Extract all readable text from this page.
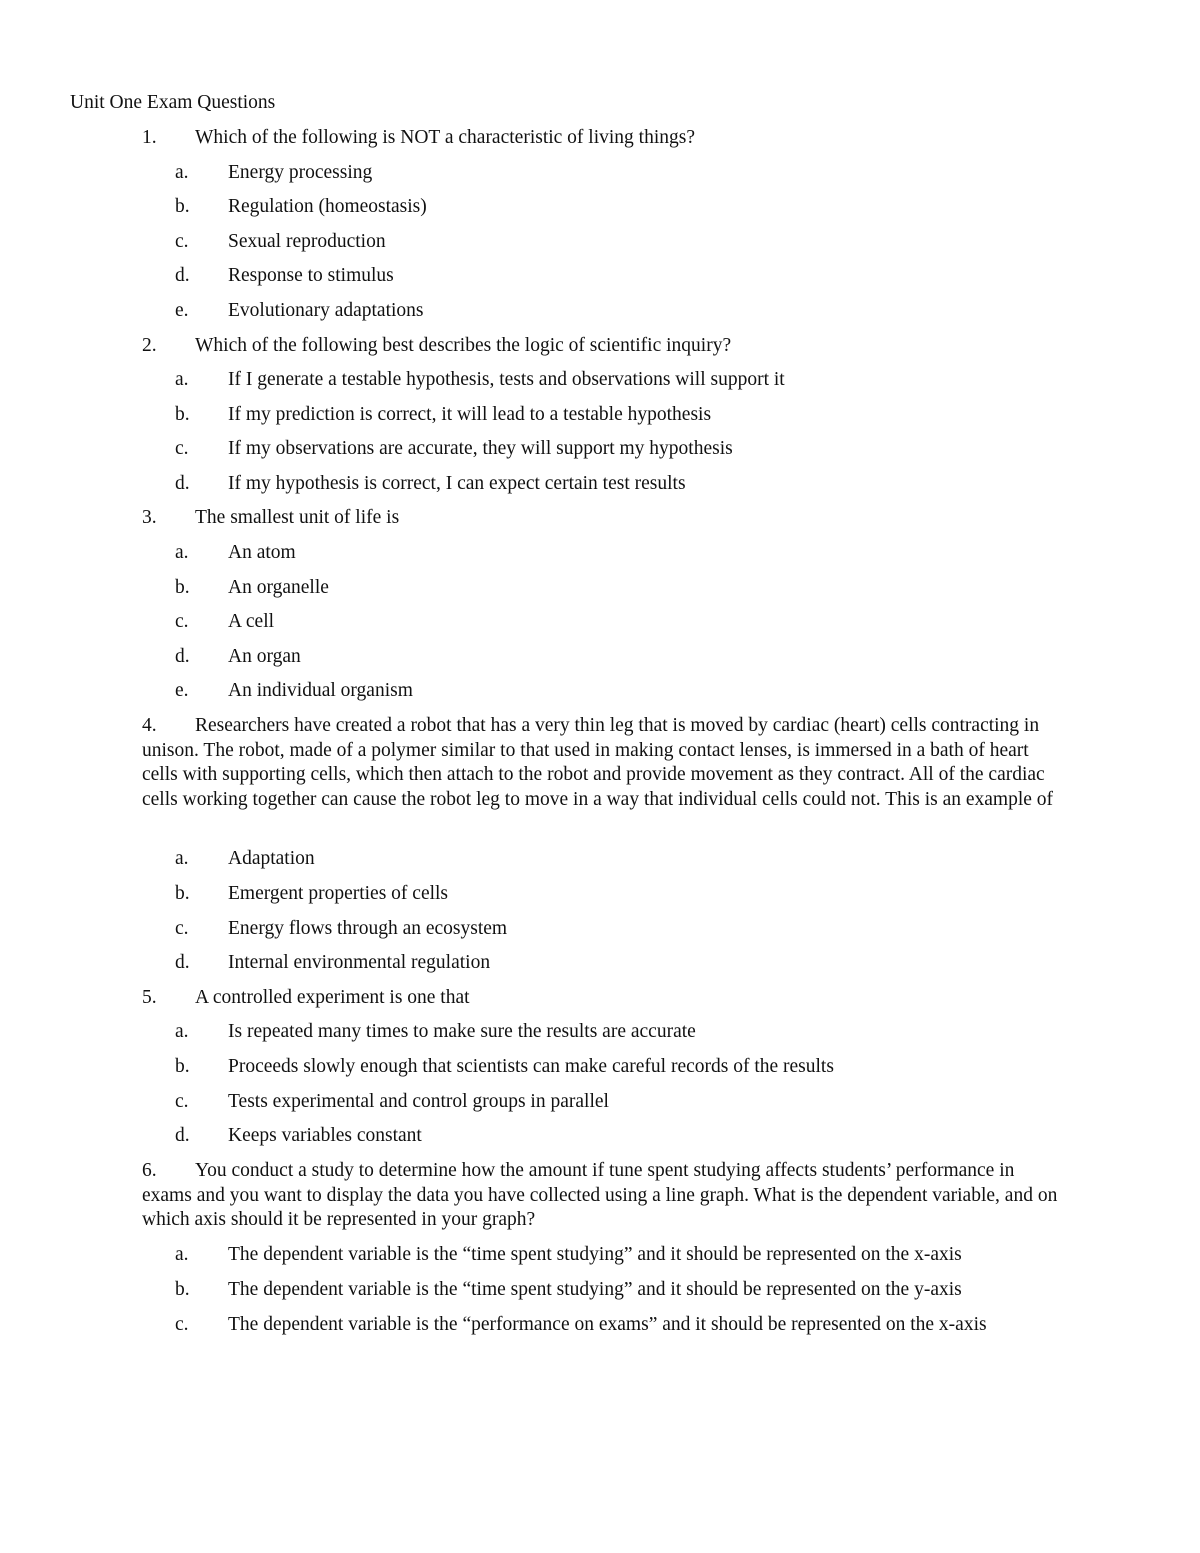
Unit One Exam Questions
1. Which of the following is NOT a characteristic of living things?
a. Energy processing
b. Regulation (homeostasis)
c. Sexual reproduction
d. Response to stimulus
e. Evolutionary adaptations
2. Which of the following best describes the logic of scientific inquiry?
a. If I generate a testable hypothesis, tests and observations will support it
b. If my prediction is correct, it will lead to a testable hypothesis
c. If my observations are accurate, they will support my hypothesis
d. If my hypothesis is correct, I can expect certain test results
3. The smallest unit of life is
a. An atom
b. An organelle
c. A cell
d. An organ
e. An individual organism
4. Researchers have created a robot that has a very thin leg that is moved by cardiac (heart) cells contracting in unison. The robot, made of a polymer similar to that used in making contact lenses, is immersed in a bath of heart cells with supporting cells, which then attach to the robot and provide movement as they contract. All of the cardiac cells working together can cause the robot leg to move in a way that individual cells could not. This is an example of
a. Adaptation
b. Emergent properties of cells
c. Energy flows through an ecosystem
d. Internal environmental regulation
5. A controlled experiment is one that
a. Is repeated many times to make sure the results are accurate
b. Proceeds slowly enough that scientists can make careful records of the results
c. Tests experimental and control groups in parallel
d. Keeps variables constant
6. You conduct a study to determine how the amount if tune spent studying affects students’ performance in exams and you want to display the data you have collected using a line graph. What is the dependent variable, and on which axis should it be represented in your graph?
a. The dependent variable is the “time spent studying” and it should be represented on the x-axis
b. The dependent variable is the “time spent studying” and it should be represented on the y-axis
c. The dependent variable is the “performance on exams” and it should be represented on the x-axis
